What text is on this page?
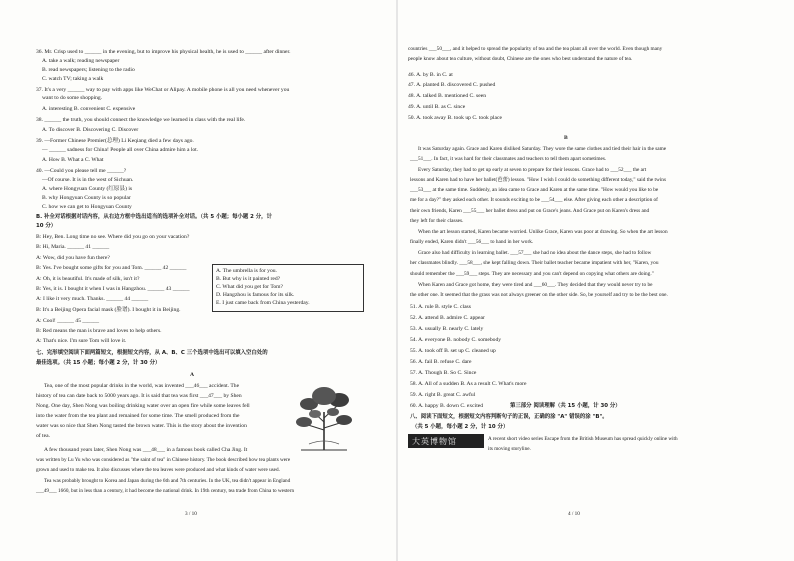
36. Mr. Crisp used to ______ in the evening, but to improve his physical health, he is used to ______ after dinner.
A. take a walk; reading newspaper
B. read newspapers; listening to the radio
C. watch TV; taking a walk
37. It's a very ______ way to pay with apps like WeChat or Alipay. A mobile phone is all you need whenever you
want to do some shopping.
A. interesting B. convenient C. expensive
38. ______ the truth, you should connect the knowledge we learned in class with the real life.
A. To discover B. Discovering C. Discover
39. —Former Chinese Premier(总理) Li Keqiang died a few days ago.
— ______ sadness for China! People all over China admire him a lot.
A. How B. What a C. What
40. —Could you please tell me ______?
—Of course. It is in the west of Sichuan.
A. where Hongyuan County (红原县) is
B. why Hongyuan County is so popular
C. how we can get to Hongyuan County
B. 补全对话根据对话内容，从右边方框中选出适当的选项补全对话。（共 5 小题；每小题 2 分，计
10 分）
B: Hey, Ben. Long time no see. Where did you go on your vacation?
B: Hi, Maria. ______ 41 ______
A: Wow, did you have fun there?
B: Yes. I've bought some gifts for you and Tom. ______ 42 ______
A: Oh, it is beautiful. It's made of silk, isn't it?
B: Yes, it is. I bought it when I was in Hangzhou. ______ 43 ______
A: I like it very much. Thanks. ______ 44 ______
B: It's a Beijing Opera facial mask (脸谱). I bought it in Beijing.
A: Cool! ______ 45 ______
B: Red means the man is brave and loves to help others.
A: That's nice. I'm sure Tom will love it.
A. The umbrella is for you.
B. But why is it painted red?
C. What did you get for Tom?
D. Hangzhou is famous for its silk.
E. I just came back from China yesterday.
七、完形填空阅读下面两篇短文，根据短文内容，从 A、B、C 三个选项中选出可以填入空白处的
最佳选项。（共 15 小题；每小题 2 分，计 30 分）
A
Tea, one of the most popular drinks in the world, was invented ___46___ accident. The
history of tea can date back to 5000 years ago. It is said that tea was first ___47___ by Shen
Nong. One day, Shen Nong was boiling drinking water over an open fire while some leaves fell
into the water from the tea plant and remained for some time. The smell produced from the
water was so nice that Shen Nong tasted the brown water. This is the story about the invention
of tea.
A few thousand years later, Shen Nong was ___48___ in a famous book called Cha Jing. It
was written by Lu Yu who was considered as "the saint of tea" in Chinese history. The book described how tea plants were
grown and used to make tea. It also discusses where the tea leaves were produced and what kinds of water were used.
Tea was probably brought to Korea and Japan during the 6th and 7th centuries. In the UK, tea didn't appear in England
___49___ 1660, but in less than a century, it had become the national drink. In 19th century, tea trade from China to western
3 / 10
countries ___50___, and it helped to spread the popularity of tea and the tea plant all over the world. Even though many
people know about tea culture, without doubt, Chinese are the ones who best understand the nature of tea.
46. A. by B. in C. at
47. A. planted B. discovered C. pushed
48. A. talked B. mentioned C. seen
49. A. until B. as C. since
50. A. took away B. took up C. took place
B
It was Saturday again. Grace and Karen disliked Saturday. They wore the same clothes and tied their hair in the same
___51___. In fact, it was hard for their classmates and teachers to tell them apart sometimes.
Every Saturday, they had to get up early at seven to prepare for their lessons. Grace had to ___52___ the art
lessons and Karen had to have her ballet(芭蕾) lesson. "How I wish I could do something different today," said the twins
___53___ at the same time. Suddenly, an idea came to Grace and Karen at the same time. "How would you like to be
me for a day?" they asked each other. It sounds exciting to be ___54___ else. After giving each other a description of
their own friends, Karen ___55___ her ballet dress and put on Grace's jeans. And Grace put on Karen's dress and
they left for their classes.
When the art lesson started, Karen became worried. Unlike Grace, Karen was poor at drawing. So when the art lesson
finally ended, Karen didn't ___56___ to hand in her work.
Grace also had difficulty in learning ballet. ___57___ she had no idea about the dance steps, she had to follow
her classmates blindly. ___58___, she kept falling down. Their ballet teacher became impatient with her, "Karen, you
should remember the ___59___ steps. They are necessary and you can't depend on copying what others are doing."
When Karen and Grace got home, they were tired and ___60___. They decided that they would never try to be
the other one. It seemed that the grass was not always greener on the other side. So, be yourself and try to be the best one.
51. A. rule B. style C. class
52. A. attend B. admire C. appear
53. A. usually B. nearly C. lately
54. A. everyone B. nobody C. somebody
55. A. took off B. set up C. cleaned up
56. A. fail B. refuse C. dare
57. A. Though B. So C. Since
58. A. All of a sudden B. As a result C. What's more
59. A. right B. great C. awful
60. A. happy B. down C. excited	第三部分 阅读理解（共 15 小题，计 30 分）
八、阅读下面短文，根据短文内容判断句子的正误，正确的涂 "A" 错误的涂 "B"。
（共 5 小题，每小题 2 分，计 10 分）
大英博物馆	A recent short video series Escape from the British Museum has spread quickly online with
its moving storyline.
4 / 10
